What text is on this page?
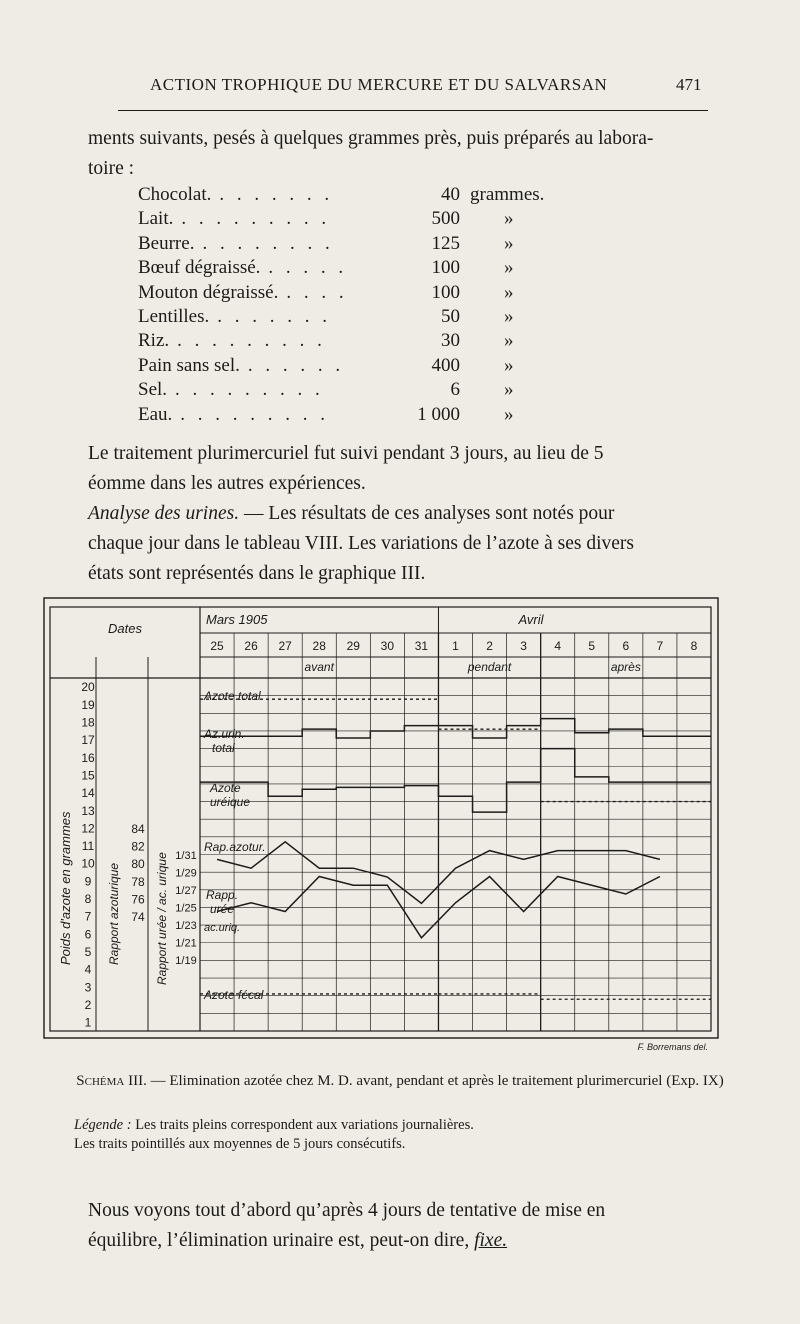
ACTION TROPHIQUE DU MERCURE ET DU SALVARSAN	471
ments suivants, pesés à quelques grammes près, puis préparés au labora-
toire :
Chocolat. . . . . . . .	40 grammes.
Lait. . . . . . . . . .	500 »
Beurre. . . . . . . . .	125 »
Bœuf dégraissé. . . . . .	100 »
Mouton dégraissé. . . . .	100 »
Lentilles. . . . . . . .	50 »
Riz. . . . . . . . . .	30 »
Pain sans sel. . . . . . .	400 »
Sel. . . . . . . . . .	6 »
Eau. . . . . . . . . .	1 000 »
Le traitement plurimercuriel fut suivi pendant 3 jours, au lieu de 5
éomme dans les autres expériences.
Analyse des urines. — Les résultats de ces analyses sont notés pour
chaque jour dans le tableau VIII. Les variations de l’azote à ses divers
états sont représentés dans le graphique III.
Dates
Mars 1905	Avril
25 26 27 28 29 30 31 1 2 3 4 5 6 7 8
avant	pendant	après
20
19
18
17
16
15
14
13
12
11
10
9
8
7
6
5
4
3
2
1
Poids d'azote en grammes	84
82
80
78
76
74
Rapport azoturique
1/31
1/29
1/27
1/25
1/23
1/21
1/19
Rapport urée / ac. urique
Azote total
Az.urin.
total
Azote
uréique
Rap.azotur.
Rapp.
urée
ac.uriq.
Azote fécal
F. Borremans del.
Schéma III. — Elimination azotée chez M. D. avant, pendant et après le traitement plurimercuriel (Exp. IX)
Légende : Les traits pleins correspondent aux variations journalières.
Les traits pointillés aux moyennes de 5 jours consécutifs.
Nous voyons tout d’abord qu’après 4 jours de tentative de mise en
équilibre, l’élimination urinaire est, peut-on dire, fixe.
